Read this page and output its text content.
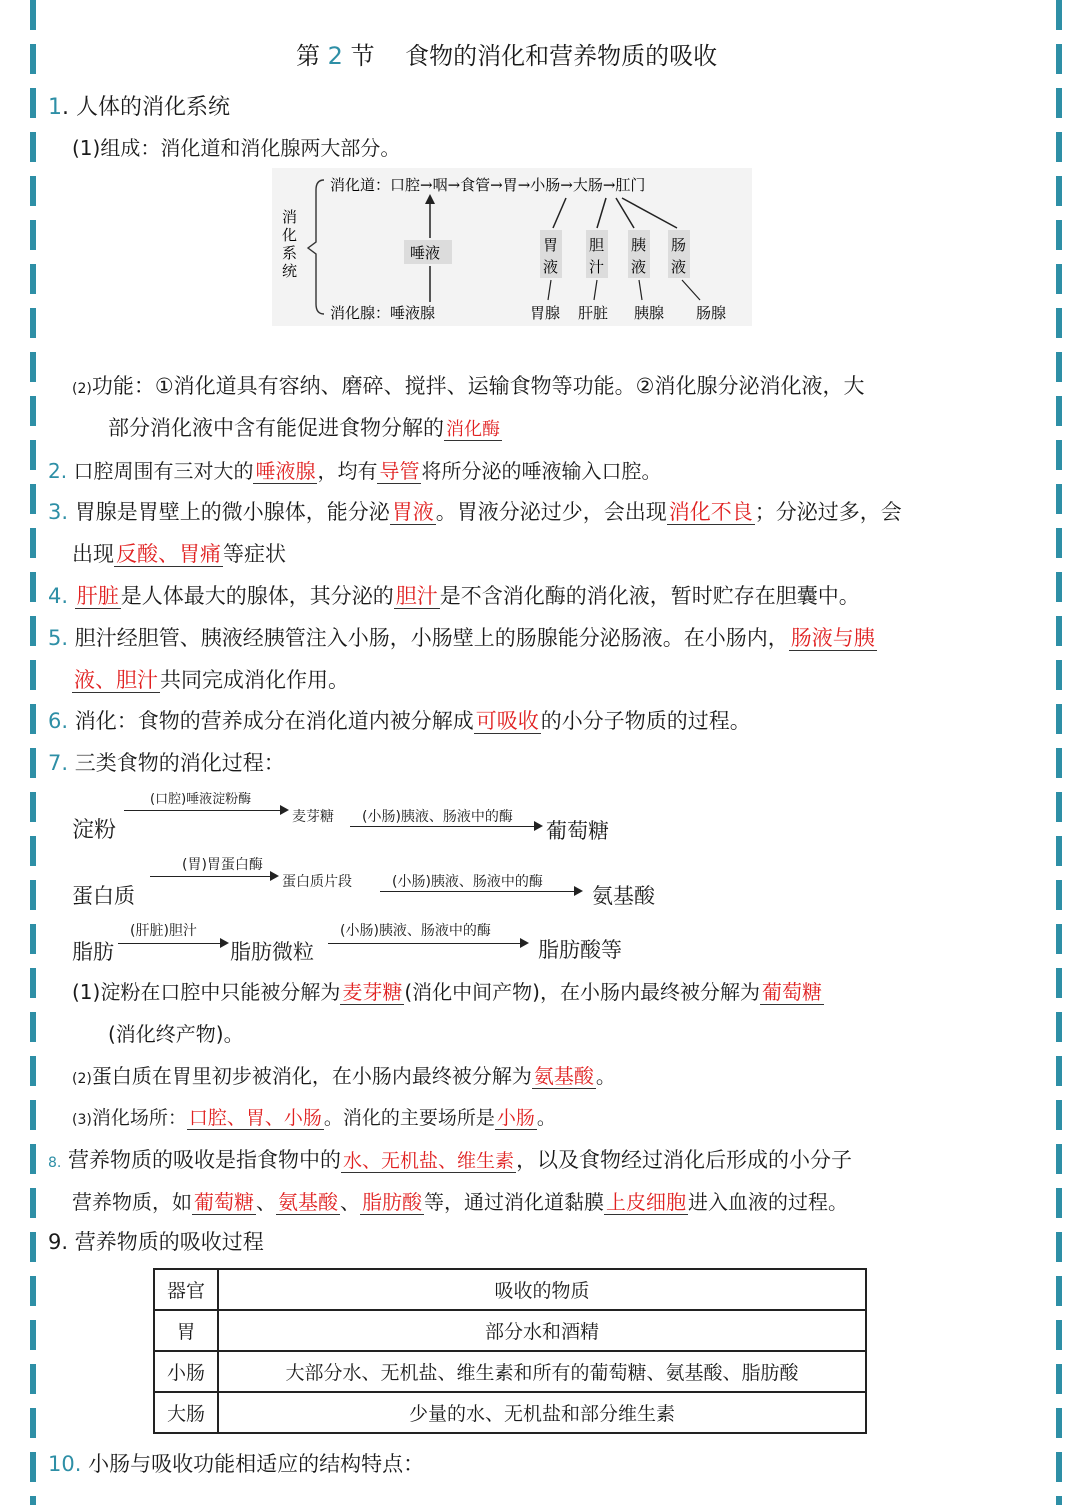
第 2 节 食物的消化和营养物质的吸收
1. 人体的消化系统
(1)组成：消化道和消化腺两大部分。
消
化
系
统
消化道：口腔→咽→食管→胃→小肠→大肠→肛门
消化腺：唾液腺
唾液	胃
液
胆
汁
胰
液
肠
液
胃腺 肝脏 胰腺 肠腺
(2)功能：①消化道具有容纳、磨碎、搅拌、运输食物等功能。②消化腺分泌消化液，大
部分消化液中含有能促进食物分解的 消化酶
2. 口腔周围有三对大的 唾液腺 ，均有 导管 将所分泌的唾液输入口腔。
3. 胃腺是胃壁上的微小腺体，能分泌胃液。胃液分泌过少，会出现消化不良；分泌过多，会
出现反酸、胃痛等症状
4. 肝脏是人体最大的腺体，其分泌的胆汁是不含消化酶的消化液，暂时贮存在胆囊中。
5. 胆汁经胆管、胰液经胰管注入小肠，小肠壁上的肠腺能分泌肠液。在小肠内，肠液与胰
液、胆汁共同完成消化作用。
6. 消化：食物的营养成分在消化道内被分解成可吸收的小分子物质的过程。
7. 三类食物的消化过程：
淀粉
(口腔)唾液淀粉酶
麦芽糖 (小肠)胰液、肠液中的酶
葡萄糖
蛋白质
(胃)胃蛋白酶
蛋白质片段	(小肠)胰液、肠液中的酶
氨基酸
脂肪
(肝脏)胆汁
脂肪微粒
(小肠)胰液、肠液中的酶
脂肪酸等
(1)淀粉在口腔中只能被分解为 麦芽糖 (消化中间产物)，在小肠内最终被分解为 葡萄糖
(消化终产物)。
(2)蛋白质在胃里初步被消化，在小肠内最终被分解为 氨基酸 。
(3)消化场所： 口腔、胃、小肠 。消化的主要场所是 小肠 。
8. 营养物质的吸收是指食物中的 水、无机盐、维生素，以及食物经过消化后形成的小分子
营养物质，如 葡萄糖 、 氨基酸 、 脂肪酸 等，通过消化道黏膜 上皮细胞 进入血液的过程。
9. 营养物质的吸收过程
器官	吸收的物质
胃	部分水和酒精
小肠	大部分水、无机盐、维生素和所有的葡萄糖、氨基酸、脂肪酸
大肠	少量的水、无机盐和部分维生素
10. 小肠与吸收功能相适应的结构特点：
